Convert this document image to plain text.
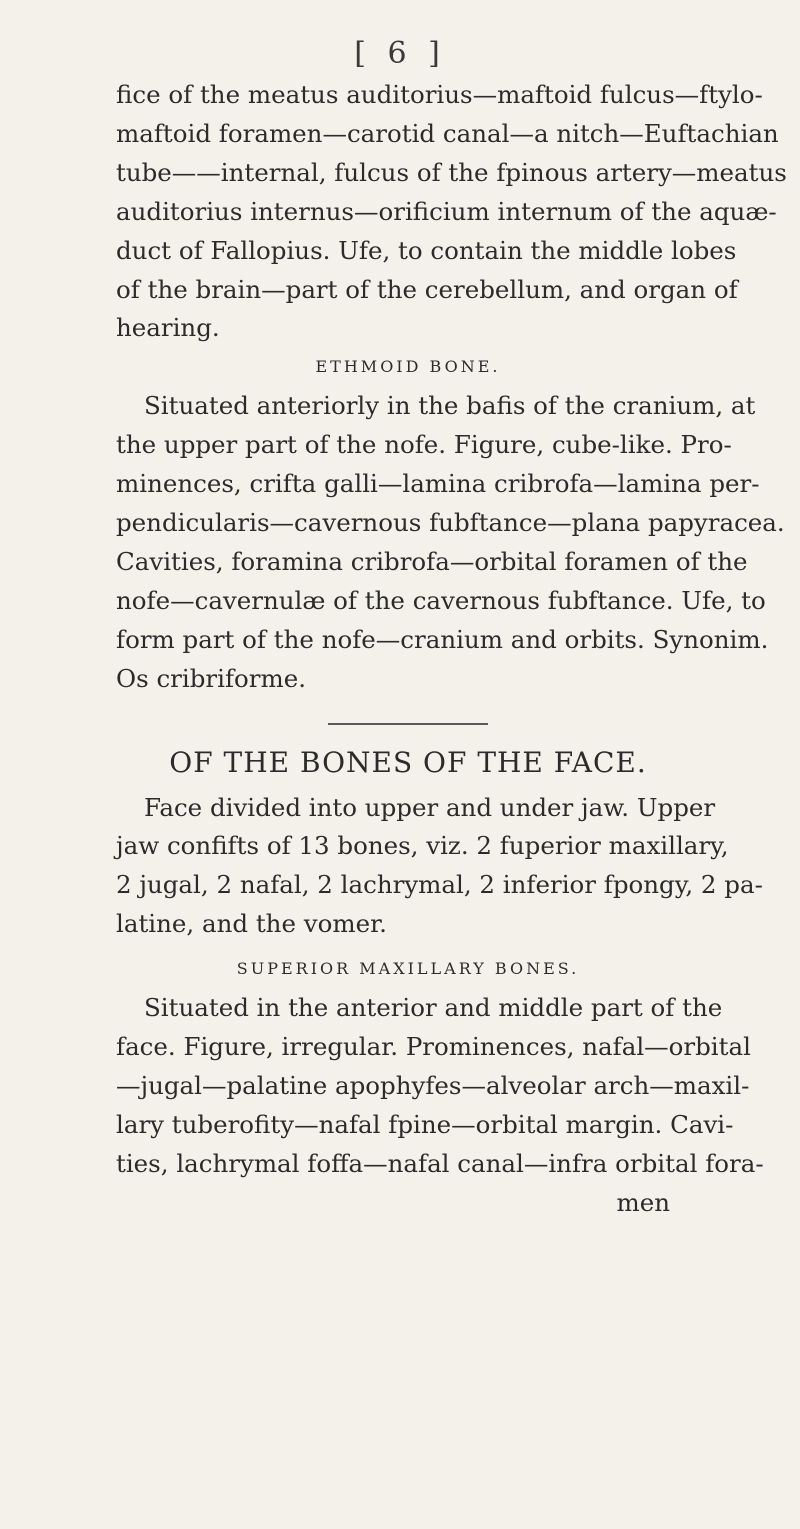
[ 6 ]

fice of the meatus auditorius—maftoid fulcus—ftylo-
maftoid foramen—carotid canal—a nitch—Euftachian
tube——internal, fulcus of the fpinous artery—meatus
auditorius internus—orificium internum of the aquæ-
duct of Fallopius. Ufe, to contain the middle lobes
of the brain—part of the cerebellum, and organ of
hearing.

ETHMOID BONE.

Situated anteriorly in the bafis of the cranium, at
the upper part of the nofe. Figure, cube-like. Pro-
minences, crifta galli—lamina cribrofa—lamina per-
pendicularis—cavernous fubftance—plana papyracea.
Cavities, foramina cribrofa—orbital foramen of the
nofe—cavernulæ of the cavernous fubftance. Ufe, to
form part of the nofe—cranium and orbits. Synonim.
Os cribriforme.

OF THE BONES OF THE FACE.

Face divided into upper and under jaw. Upper
jaw confifts of 13 bones, viz. 2 fuperior maxillary,
2 jugal, 2 nafal, 2 lachrymal, 2 inferior fpongy, 2 pa-
latine, and the vomer.

SUPERIOR MAXILLARY BONES.

Situated in the anterior and middle part of the
face. Figure, irregular. Prominences, nafal—orbital
—jugal—palatine apophyfes—alveolar arch—maxil-
lary tuberofity—nafal fpine—orbital margin. Cavi-
ties, lachrymal foffa—nafal canal—infra orbital fora-

men
